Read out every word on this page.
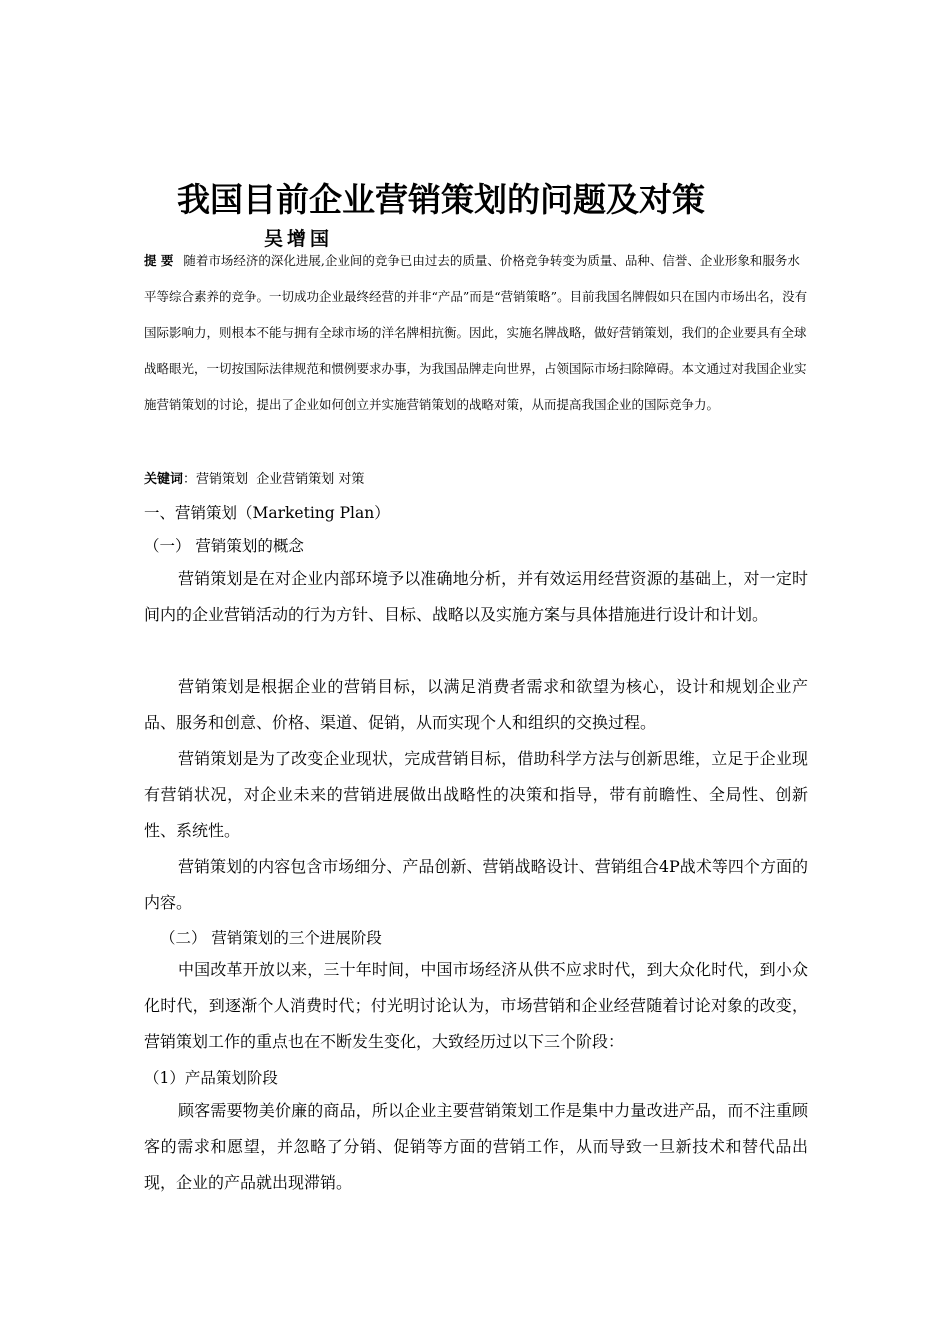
我国目前企业营销策划的问题及对策
吴增国
提 要 随着市场经济的深化进展,企业间的竞争已由过去的质量、价格竞争转变为质量、品种、信誉、企业形象和服务水平等综合素养的竞争。一切成功企业最终经营的并非“产品”而是“营销策略”。目前我国名牌假如只在国内市场出名，没有国际影响力，则根本不能与拥有全球市场的洋名牌相抗衡。因此，实施名牌战略，做好营销策划，我们的企业要具有全球战略眼光，一切按国际法律规范和惯例要求办事，为我国品牌走向世界，占领国际市场扫除障碍。本文通过对我国企业实施营销策划的讨论，提出了企业如何创立并实施营销策划的战略对策，从而提高我国企业的国际竞争力。
关键词：营销策划  企业营销策划 对策
一、营销策划（Marketing Plan）
（一） 营销策划的概念
营销策划是在对企业内部环境予以准确地分析，并有效运用经营资源的基础上，对一定时间内的企业营销活动的行为方针、目标、战略以及实施方案与具体措施进行设计和计划。
营销策划是根据企业的营销目标，以满足消费者需求和欲望为核心，设计和规划企业产品、服务和创意、价格、渠道、促销，从而实现个人和组织的交换过程。
营销策划是为了改变企业现状，完成营销目标，借助科学方法与创新思维，立足于企业现有营销状况，对企业未来的营销进展做出战略性的决策和指导，带有前瞻性、全局性、创新性、系统性。
营销策划的内容包含市场细分、产品创新、营销战略设计、营销组合4P战术等四个方面的内容。
（二） 营销策划的三个进展阶段
中国改革开放以来，三十年时间，中国市场经济从供不应求时代，到大众化时代，到小众化时代，到逐渐个人消费时代；付光明讨论认为，市场营销和企业经营随着讨论对象的改变，营销策划工作的重点也在不断发生变化，大致经历过以下三个阶段：
（1）产品策划阶段
顾客需要物美价廉的商品，所以企业主要营销策划工作是集中力量改进产品，而不注重顾客的需求和愿望，并忽略了分销、促销等方面的营销工作，从而导致一旦新技术和替代品出现，企业的产品就出现滞销。
